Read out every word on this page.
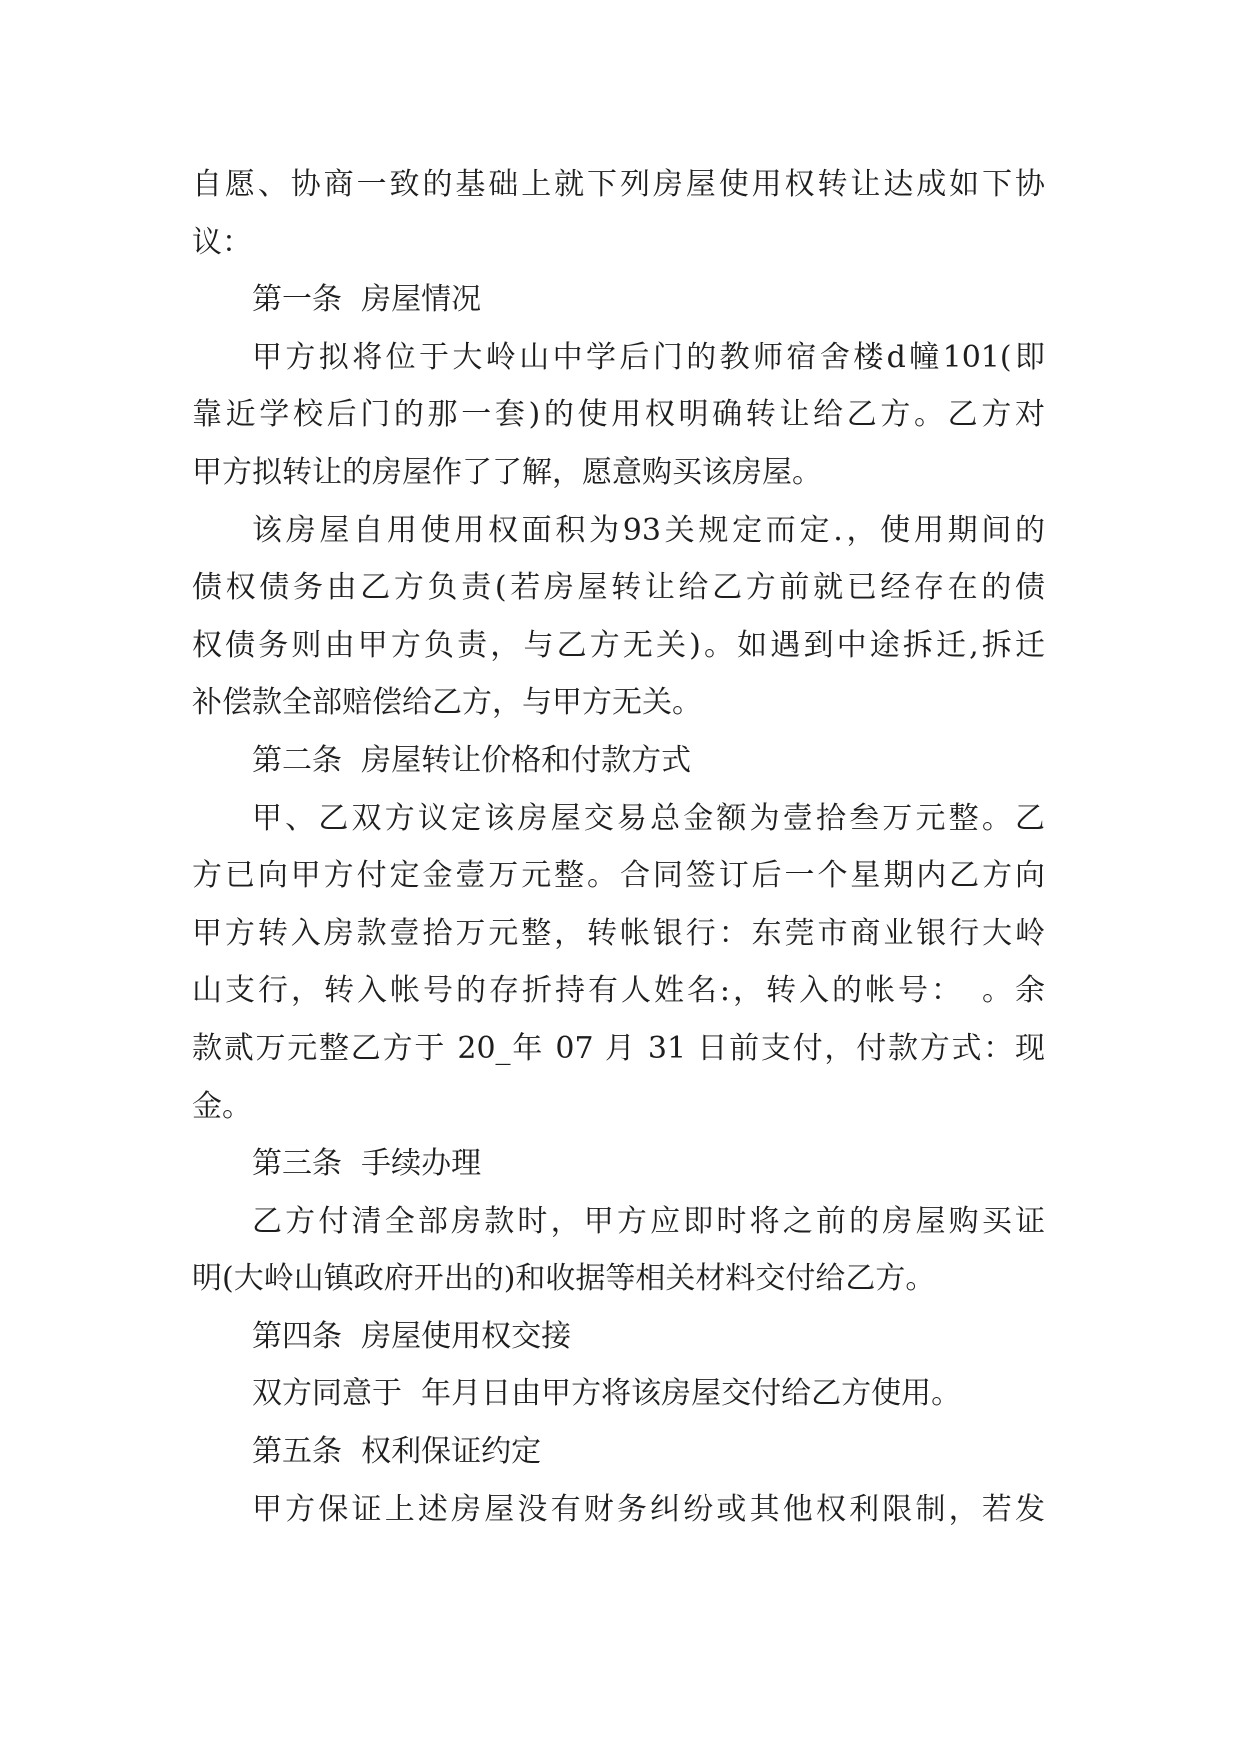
自愿、协商一致的基础上就下列房屋使用权转让达成如下协
议：
第一条  房屋情况
甲方拟将位于大岭山中学后门的教师宿舍楼d幢101(即
靠近学校后门的那一套)的使用权明确转让给乙方。乙方对
甲方拟转让的房屋作了了解，愿意购买该房屋。
该房屋自用使用权面积为93关规定而定.，使用期间的
债权债务由乙方负责(若房屋转让给乙方前就已经存在的债
权债务则由甲方负责，与乙方无关)。如遇到中途拆迁,拆迁
补偿款全部赔偿给乙方，与甲方无关。
第二条  房屋转让价格和付款方式
甲、乙双方议定该房屋交易总金额为壹拾叁万元整。乙
方已向甲方付定金壹万元整。合同签订后一个星期内乙方向
甲方转入房款壹拾万元整，转帐银行：东莞市商业银行大岭
山支行，转入帐号的存折持有人姓名:，转入的帐号：　。余
款贰万元整乙方于 20_年 07 月 31 日前支付，付款方式：现
金。
第三条  手续办理
乙方付清全部房款时，甲方应即时将之前的房屋购买证
明(大岭山镇政府开出的)和收据等相关材料交付给乙方。
第四条  房屋使用权交接
双方同意于  年月日由甲方将该房屋交付给乙方使用。
第五条  权利保证约定
甲方保证上述房屋没有财务纠纷或其他权利限制，若发
